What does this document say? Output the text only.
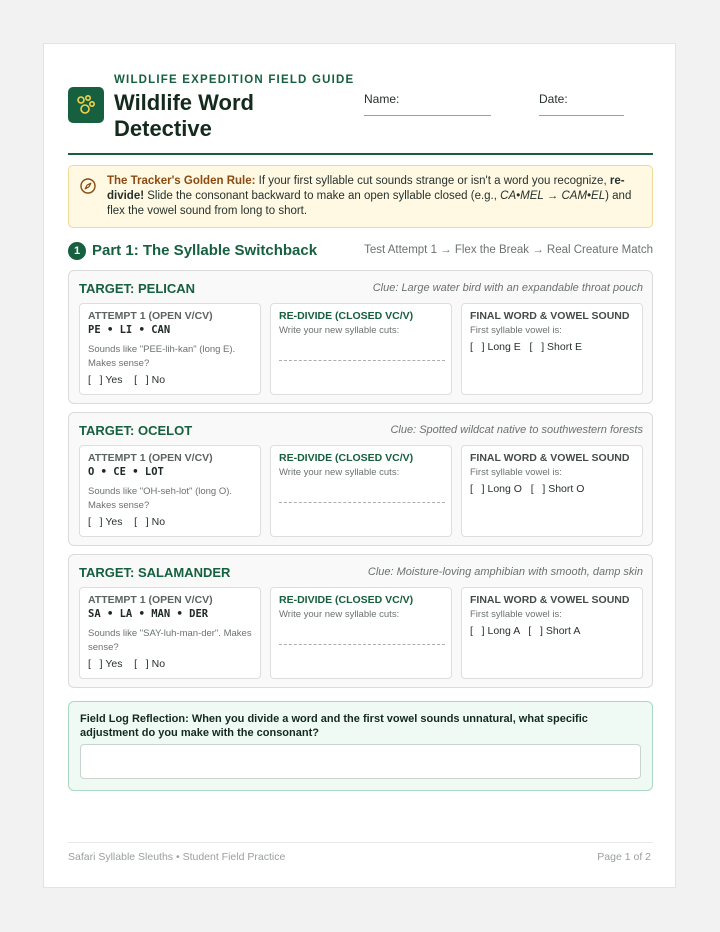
WILDLIFE EXPEDITION FIELD GUIDE
Wildlife Word Detective
Name:	Date:

The Tracker's Golden Rule: If your first syllable cut sounds strange or isn't a word you recognize, re-divide! Slide the consonant backward to make an open syllable closed (e.g., CA•MEL → CAM•EL) and flex the vowel sound from long to short.

1 Part 1: The Syllable Switchback	Test Attempt 1 → Flex the Break → Real Creature Match
TARGET: PELICAN	Clue: Large water bird with an expandable throat pouch
ATTEMPT 1 (OPEN V/CV)
PE • LI • CAN
Sounds like "PEE-lih-kan" (long E). Makes sense?
[   ] Yes    [   ] No
RE-DIVIDE (CLOSED VC/V)
Write your new syllable cuts:
FINAL WORD & VOWEL SOUND
First syllable vowel is:
[   ] Long E   [   ] Short E
TARGET: OCELOT	Clue: Spotted wildcat native to southwestern forests
ATTEMPT 1 (OPEN V/CV)
O • CE • LOT
Sounds like "OH-seh-lot" (long O). Makes sense?
[   ] Yes    [   ] No
RE-DIVIDE (CLOSED VC/V)
Write your new syllable cuts:
FINAL WORD & VOWEL SOUND
First syllable vowel is:
[   ] Long O   [   ] Short O
TARGET: SALAMANDER	Clue: Moisture-loving amphibian with smooth, damp skin
ATTEMPT 1 (OPEN V/CV)
SA • LA • MAN • DER
Sounds like "SAY-luh-man-der". Makes sense?
[   ] Yes    [   ] No
RE-DIVIDE (CLOSED VC/V)
Write your new syllable cuts:
FINAL WORD & VOWEL SOUND
First syllable vowel is:
[   ] Long A   [   ] Short A
Field Log Reflection: When you divide a word and the first vowel sounds unnatural, what specific adjustment do you make with the consonant?
Safari Syllable Sleuths • Student Field Practice	Page 1 of 2
